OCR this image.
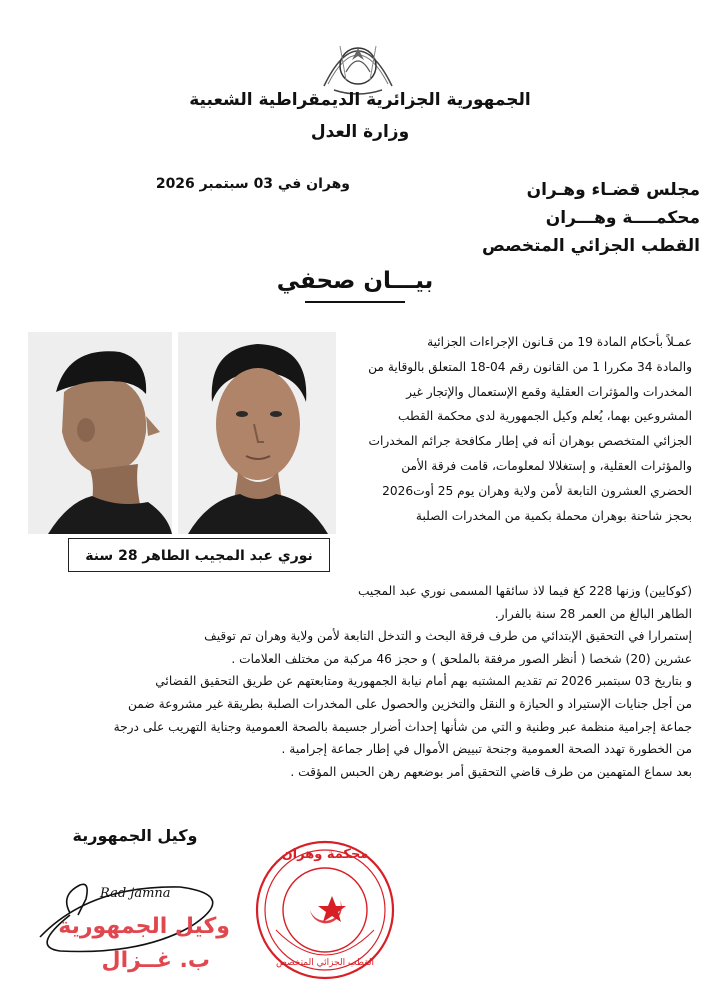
الجمهورية الجزائرية الديمقراطية الشعبية
وزارة العدل
وهران في 03 سبتمبر 2026	مجلس قضـاء وهـران
محكمــــة وهـــران
القطب الجزائي المتخصص
بيـــان صحفي
نوري عبد المجيب الطاهر 28 سنة

عمـلاً بأحكام المادة 19 من قـانون الإجراءات الجزائية

والمادة 34 مكررا 1 من القانون رقم 04-18 المتعلق بالوقاية من

المخدرات والمؤثرات العقلية وقمع الإستعمال والإتجار غير

المشروعين بهما، يُعلم وكيل الجمهورية لدى محكمة القطب

الجزائي المتخصص بوهران أنه في إطار مكافحة جرائم المخدرات

والمؤثرات العقلية، و إستغلالا لمعلومات، قامت فرقة الأمن

الحضري العشرون التابعة لأمن ولاية وهران يوم 25 أوت2026

بحجز شاحنة بوهران محملة بكمية من المخدرات الصلبة

(كوكايين) وزنها 228 كغ فيما لاذ سائقها المسمى نوري عبد المجيب

الطاهر البالغ من العمر 28 سنة بالفرار.

إستمرارا في التحقيق الإبتدائي من طرف فرقة البحث و التدخل التابعة لأمن ولاية وهران تم توقيف

عشرين (20) شخصا ( أنظر الصور مرفقة بالملحق ) و حجز 46 مركبة من مختلف العلامات .

و بتاريخ 03 سبتمبر 2026 تم تقديم المشتبه بهم أمام نيابة الجمهورية ومتابعتهم عن طريق التحقيق القضائي

من أجل جنايات الإستيراد و الحيازة و النقل والتخزين والحصول على المخدرات الصلبة بطريقة غير مشروعة ضمن

جماعة إجرامية منظمة عبر وطنية و التي من شأنها إحداث أضرار جسيمة بالصحة العمومية وجناية التهريب على درجة

من الخطورة تهدد الصحة العمومية وجنحة تبييض الأموال في إطار جماعة إجرامية .

بعد سماع المتهمين من طرف قاضي التحقيق أمر بوضعهم رهن الحبس المؤقت .

وكيل الجمهورية
Rad jamna
وكيل الجمهورية
ب. غــزال
محكمة وهران
القطب الجزائي المتخصص
